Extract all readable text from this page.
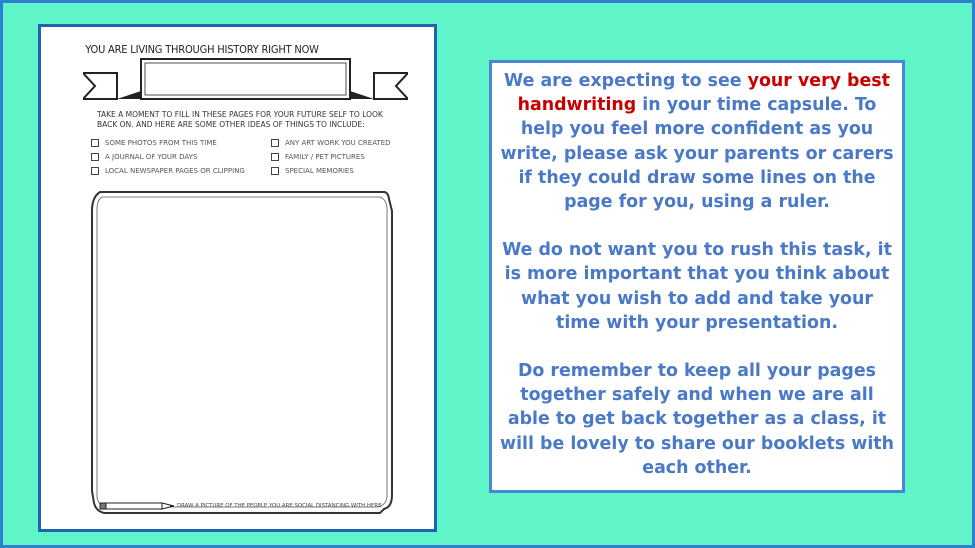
YOU ARE LIVING THROUGH HISTORY RIGHT NOW
TAKE A MOMENT TO FILL IN THESE PAGES FOR YOUR FUTURE SELF TO LOOK BACK ON. AND HERE ARE SOME OTHER IDEAS OF THINGS TO INCLUDE:
SOME PHOTOS FROM THIS TIME
A JOURNAL OF YOUR DAYS
LOCAL NEWSPAPER PAGES OR CLIPPING
ANY ART WORK YOU CREATED
FAMILY / PET PICTURES
SPECIAL MEMORIES
DRAW A PICTURE OF THE PEOPLE YOU ARE SOCIAL DISTANCING WITH HERE

We are expecting to see your very best handwriting in your time capsule. To help you feel more confident as you write, please ask your parents or carers if they could draw some lines on the page for you, using a ruler.

We do not want you to rush this task, it is more important that you think about what you wish to add and take your time with your presentation.

Do remember to keep all your pages together safely and when we are all able to get back together as a class, it will be lovely to share our booklets with each other.
